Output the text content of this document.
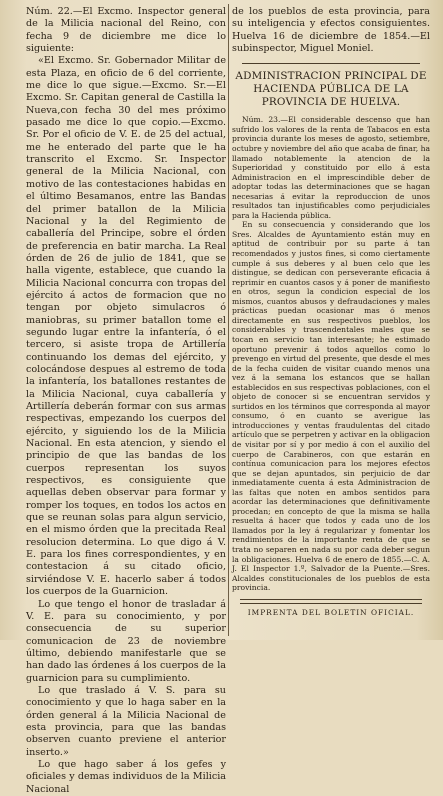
Núm. 22.—El Excmo. Inspector general de la Milicia nacional del Reino, con fecha 9 de diciembre me dice lo siguiente:

«El Excmo. Sr. Gobernador Militar de esta Plaza, en oficio de 6 del corriente, me dice lo que sigue.—Excmo. Sr.—El Excmo. Sr. Capitan general de Castilla la Nueva,con fecha 30 del mes próximo pasado me dice lo que copio.—Excmo. Sr. Por el oficio de V. E. de 25 del actual, me he enterado del parte que le ha transcrito el Excmo. Sr. Inspector general de la Milicia Nacional, con motivo de las contestaciones habidas en el último Besamanos, entre las Bandas del primer batallon de la Milicia Nacional y la del Regimiento de caballería del Principe, sobre el órden de preferencia en batir marcha. La Real órden de 26 de julio de 1841, que se halla vigente, establece, que cuando la Milicia Nacional concurra con tropas del ejército á actos de formacion que no tengan por objeto simulacros ó maniobras, su primer batallon tome el segundo lugar entre la infantería, ó el tercero, si asiste tropa de Artillería continuando los demas del ejército, y colocándose despues al estremo de toda la infantería, los batallones restantes de la Milicia Nacional, cuya caballería y Artillería deberán formar con sus armas respectivas, empezando los cuerpos del ejército, y siguiendo los de la Milicia Nacional. En esta atencion, y siendo el principio de que las bandas de los cuerpos representan los suyos respectivos, es consiguiente que aquellas deben observar para formar y romper los toques, en todos los actos en que se reunan solas para algun servicio, en el mismo órden que la precitada Real resolucion determina. Lo que digo á V. E. para los fines correspondientes, y en contestacion á su citado oficio, sirviéndose V. E. hacerlo saber á todos los cuerpos de la Guarnicion.

Lo que tengo el honor de trasladar á V. E. para su conocimiento, y por consecuencia de su superior comunicacion de 23 de noviembre último, debiendo manifestarle que se han dado las órdenes á los cuerpos de la guarnicion para su cumplimiento.

Lo que traslado á V. S. para su conocimiento y que lo haga saber en la órden general á la Milicia Nacional de esta provincia, para que las bandas observen cuanto previene el anterior inserto.»

Lo que hago saber á los gefes y oficiales y demas individuos de la Milicia Nacional

de los pueblos de esta provincia, para su inteligencia y efectos consiguientes. Huelva 16 de diciembre de 1854.—El subinspector, Miguel Moniel.

ADMINISTRACION PRINCIPAL DE HACIENDA PÚBLICA DE LA PROVINCIA DE HUELVA.

Núm. 23.—El considerable descenso que han sufrido los valores de la renta de Tabacos en esta provincia durante los meses de agosto, setiembre, octubre y noviembre del año que acaba de finar, ha llamado notablemente la atencion de la Superioridad y constituido por ello á esta Administracion en el imprescindible deber de adoptar todas las determinaciones que se hagan necesarias á evitar la reproduccion de unos resultados tan injustificables como perjudiciales para la Hacienda pública.

En su consecuencia y considerando que los Sres. Alcaldes de Ayuntamiento están muy en aptitud de contribuir por su parte á tan recomendados y justos fines, si como ciertamente cumple á sus deberes y al buen celo que les distingue, se dedican con perseverante eficacia á reprimir en cuantos casos y á poner de manifiesto en otros, segun la condicion especial de los mismos, cuantos abusos y defraudaciones y males prácticas puedan ocasionar mas ó menos directamente en sus respectivos pueblos, los considerables y trascendentales males que se tocan en servicio tan interesante; he estimado oportuno prevenir á todos aquellos como lo prevengo en virtud del presente, que desde el mes de la fecha cuiden de visitar cuando menos una vez á la semana los estancos que se hallan establecidos en sus respectivas poblaciones, con el objeto de conocer si se encuentran servidos y surtidos en los términos que corresponda al mayor consumo, ó en cuanto se averigue las introducciones y ventas fraudulentas del citado artículo que se perpetren y activar en la obligacion de visitar por sí y por medio á con el auxilio del cuerpo de Carabineros, con que estarán en contínua comunicacion para los mejores efectos que se dejan apuntados, sin perjuicio de dar inmediatamente cuenta á esta Administracion de las faltas que noten en ambos sentidos para acordar las determinaciones que definitivamente procedan; en concepto de que la misma se halla resuelta á hacer que todos y cada uno de los llamados por la ley á regularizar y fomentar los rendimientos de la importante renta de que se trata no separen en nada su por cada deber segun la obligaciones. Huelva 6 de enero de 1855.—C. A. J. El Inspector 1.º, Salvador de la Puente.—Sres. Alcaldes constitucionales de los pueblos de esta provincia.

IMPRENTA DEL BOLETIN OFICIAL.
